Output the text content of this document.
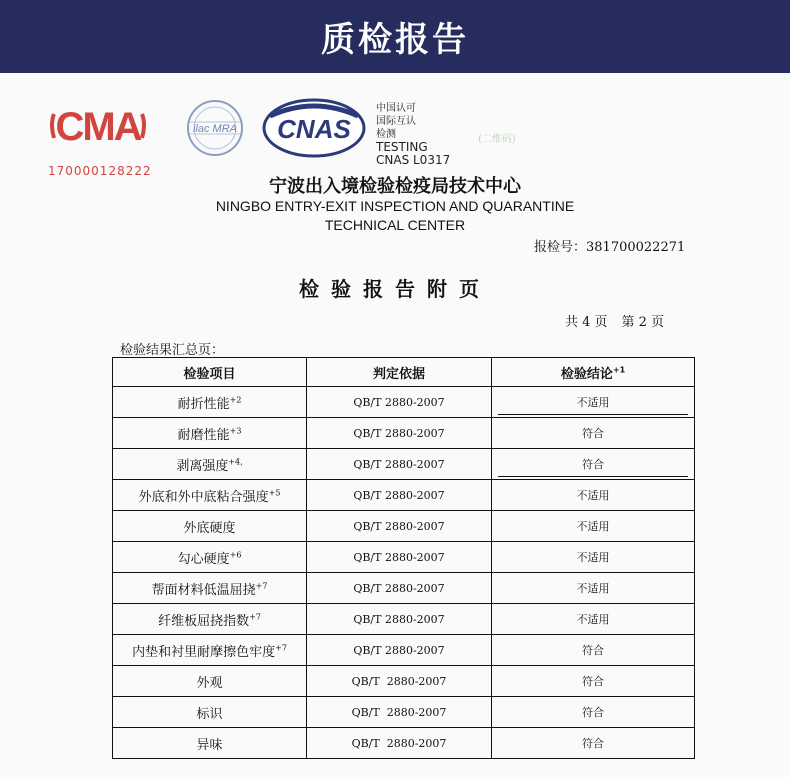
质检报告
CMA
170000128222
ilac MRA CNAS
中国认可
国际互认
检测
TESTING
CNAS L0317
(二维码)
宁波出入境检验检疫局技术中心
NINGBO ENTRY-EXIT INSPECTION AND QUARANTINE
TECHNICAL CENTER
报检号：381700022271
检验报告附页
共 4 页 第 2 页
检验结果汇总页：
检验项目	判定依据	检验结论$^{+1}$
耐折性能$^{+2}$	QB/T 2880-2007	不适用
耐磨性能$^{+3}$	QB/T 2880-2007	符合
剥离强度$^{+4,}$	QB/T 2880-2007	符合
外底和外中底粘合强度$^{+5}$	QB/T 2880-2007	不适用
外底硬度	QB/T 2880-2007	不适用
勾心硬度$^{+6}$	QB/T 2880-2007	不适用
帮面材料低温屈挠$^{+7}$	QB/T 2880-2007	不适用
纤维板屈挠指数$^{+7}$	QB/T 2880-2007	不适用
内垫和衬里耐摩擦色牢度$^{+7}$	QB/T 2880-2007	符合
外观	QB/T  2880-2007	符合
标识	QB/T  2880-2007	符合
异味	QB/T  2880-2007	符合
